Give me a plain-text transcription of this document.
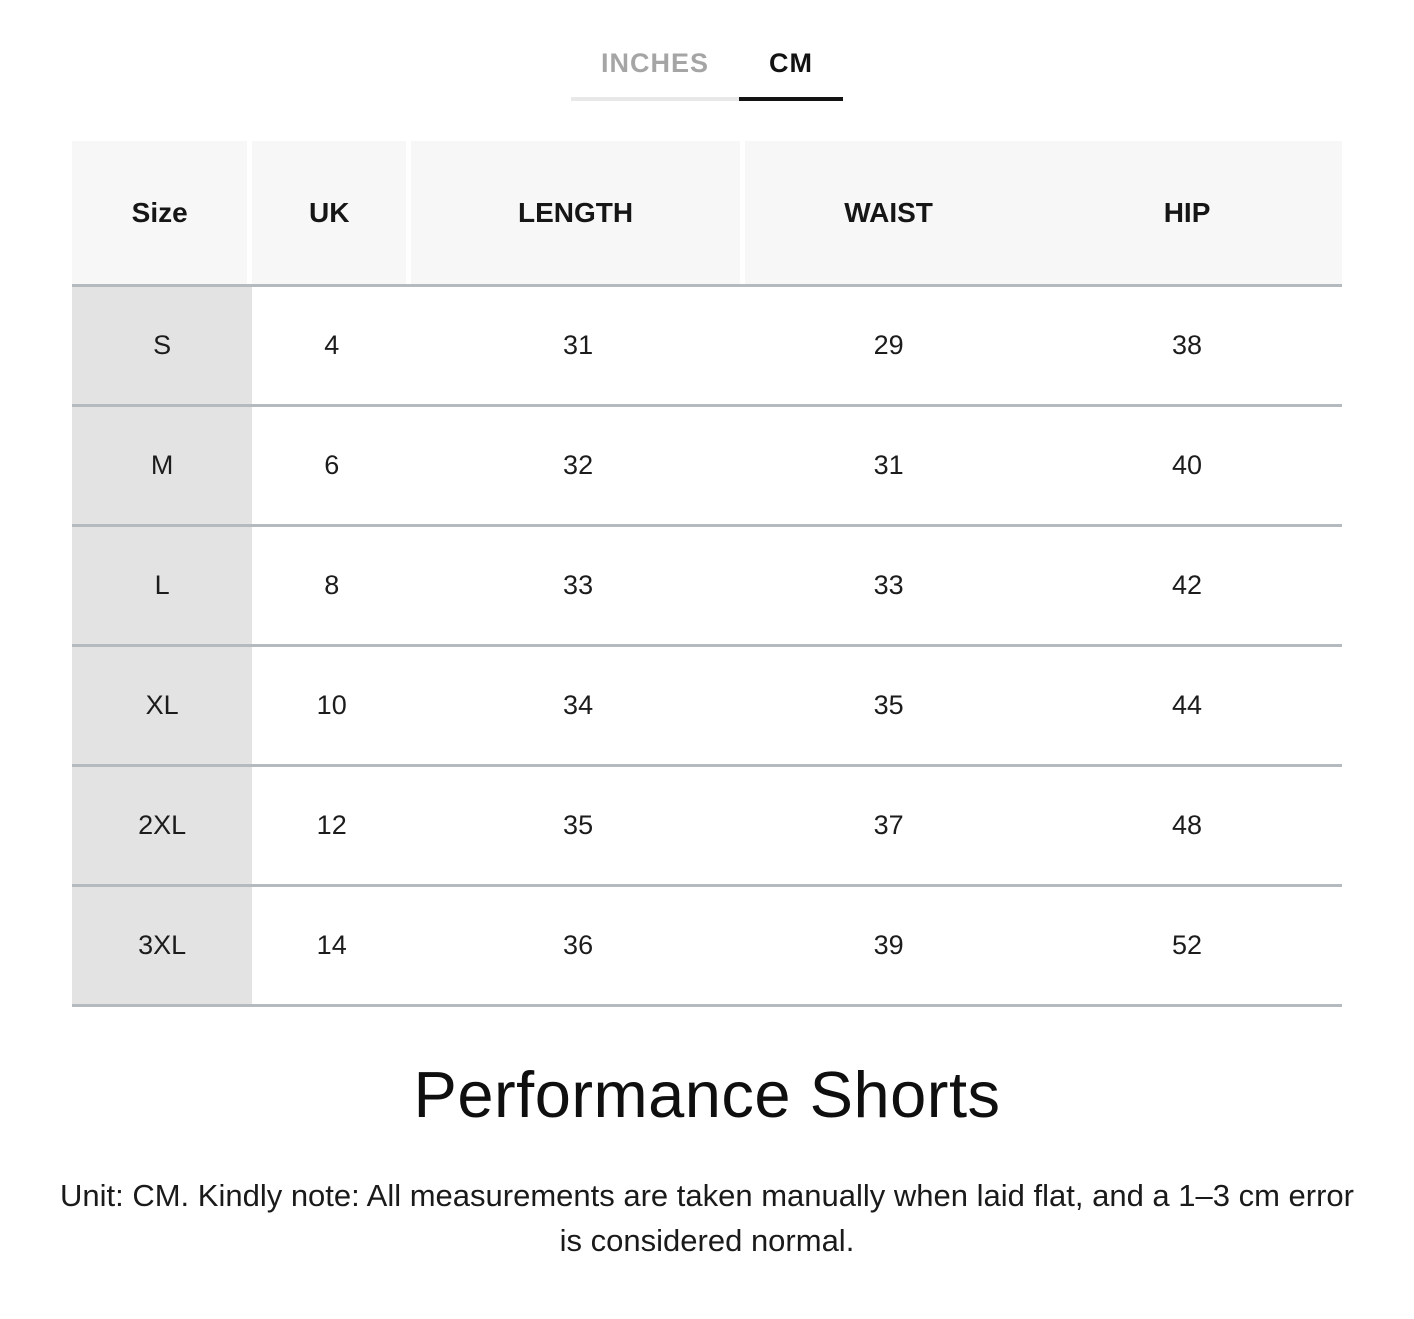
INCHES	CM
Size	UK	LENGTH	WAIST	HIP
S	4	31	29	38
M	6	32	31	40
L	8	33	33	42
XL	10	34	35	44
2XL	12	35	37	48
3XL	14	36	39	52
Performance Shorts

Unit: CM. Kindly note: All measurements are taken manually when laid flat, and a 1–3 cm error is considered normal.
